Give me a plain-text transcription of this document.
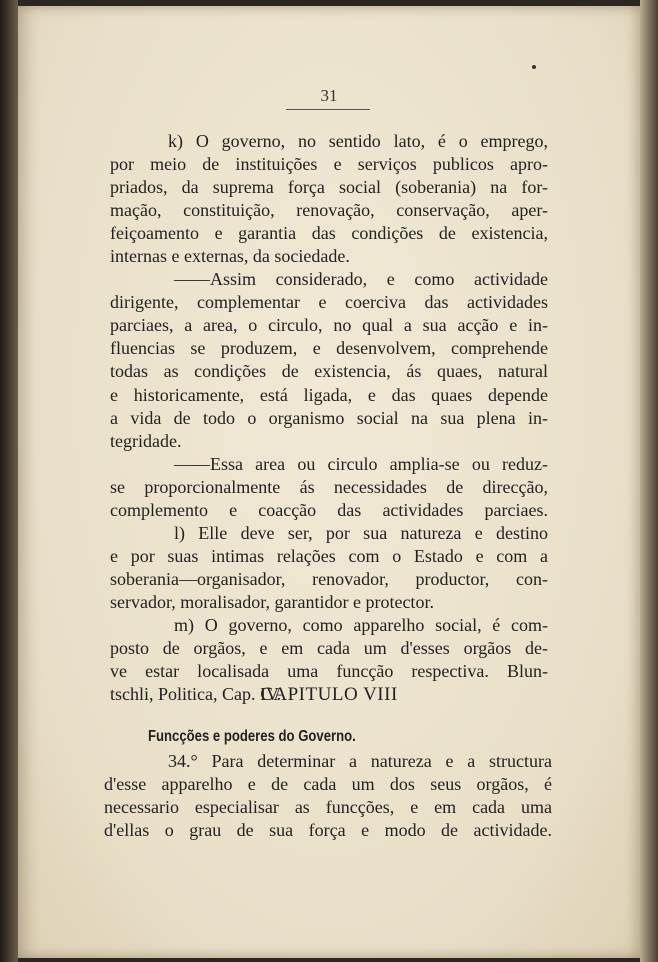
31
k) O governo, no sentido lato, é o emprego,
por meio de instituições e serviços publicos apro-
priados, da suprema força social (soberania) na for-
mação, constituição, renovação, conservação, aper-
feiçoamento e garantia das condições de existencia,
internas e externas, da sociedade.
——Assim considerado, e como actividade
dirigente, complementar e coerciva das actividades
parciaes, a area, o circulo, no qual a sua acção e in-
fluencias se produzem, e desenvolvem, comprehende
todas as condições de existencia, ás quaes, natural
e historicamente, está ligada, e das quaes depende
a vida de todo o organismo social na sua plena in-
tegridade.
——Essa area ou circulo amplia-se ou reduz-
se proporcionalmente ás necessidades de direcção,
complemento e coacção das actividades parciaes.
l) Elle deve ser, por sua natureza e destino
e por suas intimas relações com o Estado e com a
soberania—organisador, renovador, productor, con-
servador, moralisador, garantidor e protector.
m) O governo, como apparelho social, é com-
posto de orgãos, e em cada um d'esses orgãos de-
ve estar localisada uma funcção respectiva. Blun-
tschli, Politica, Cap. IV.
CAPITULO VIII
Funcções e poderes do Governo.
34.° Para determinar a natureza e a structura
d'esse apparelho e de cada um dos seus orgãos, é
necessario especialisar as funcções, e em cada uma
d'ellas o grau de sua força e modo de actividade.
